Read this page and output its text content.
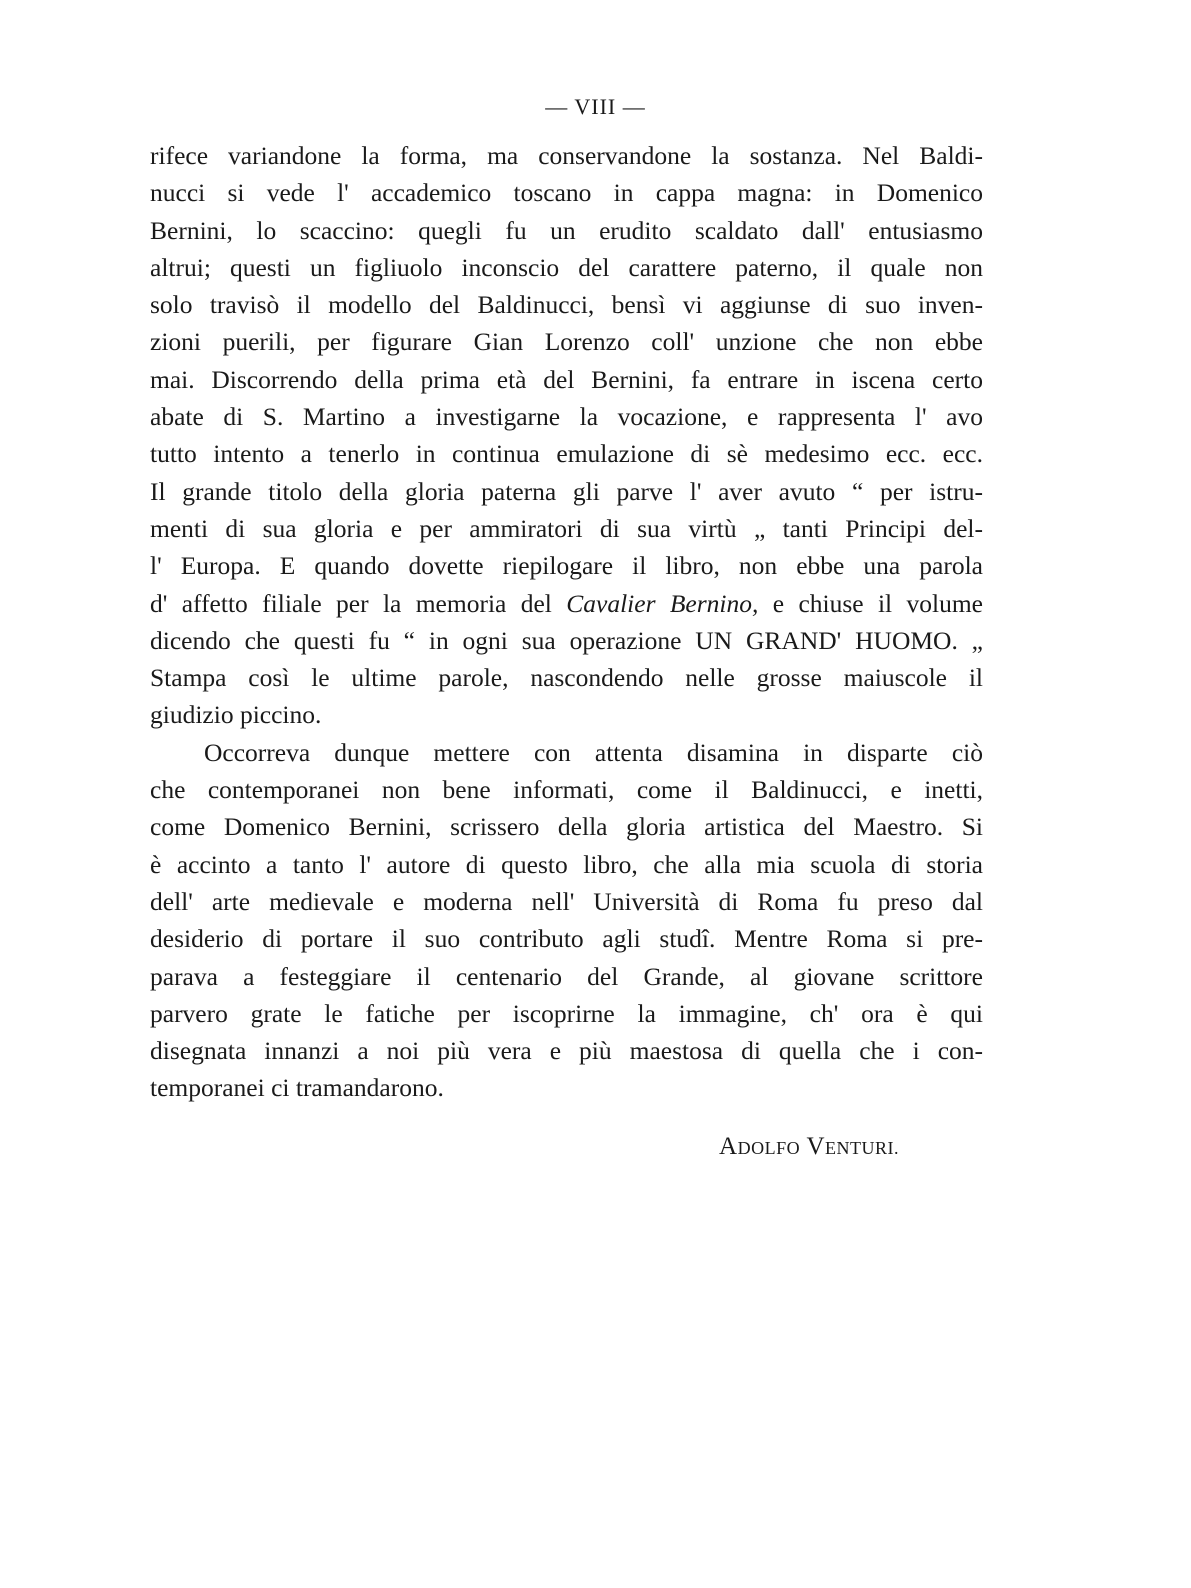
— VIII —
rifece variandone la forma, ma conservandone la sostanza. Nel Baldi-
nucci si vede l' accademico toscano in cappa magna: in Domenico
Bernini, lo scaccino: quegli fu un erudito scaldato dall' entusiasmo
altrui; questi un figliuolo inconscio del carattere paterno, il quale non
solo travisò il modello del Baldinucci, bensì vi aggiunse di suo inven-
zioni puerili, per figurare Gian Lorenzo coll' unzione che non ebbe
mai. Discorrendo della prima età del Bernini, fa entrare in iscena certo
abate di S. Martino a investigarne la vocazione, e rappresenta l' avo
tutto intento a tenerlo in continua emulazione di sè medesimo ecc. ecc.
Il grande titolo della gloria paterna gli parve l' aver avuto “ per istru-
menti di sua gloria e per ammiratori di sua virtù „ tanti Principi del-
l' Europa. E quando dovette riepilogare il libro, non ebbe una parola
d' affetto filiale per la memoria del Cavalier Bernino, e chiuse il volume
dicendo che questi fu “ in ogni sua operazione UN GRAND' HUOMO. „
Stampa così le ultime parole, nascondendo nelle grosse maiuscole il
giudizio piccino.
Occorreva dunque mettere con attenta disamina in disparte ciò
che contemporanei non bene informati, come il Baldinucci, e inetti,
come Domenico Bernini, scrissero della gloria artistica del Maestro. Si
è accinto a tanto l' autore di questo libro, che alla mia scuola di storia
dell' arte medievale e moderna nell' Università di Roma fu preso dal
desiderio di portare il suo contributo agli studî. Mentre Roma si pre-
parava a festeggiare il centenario del Grande, al giovane scrittore
parvero grate le fatiche per iscoprirne la immagine, ch' ora è qui
disegnata innanzi a noi più vera e più maestosa di quella che i con-
temporanei ci tramandarono.
ADOLFO VENTURI.
